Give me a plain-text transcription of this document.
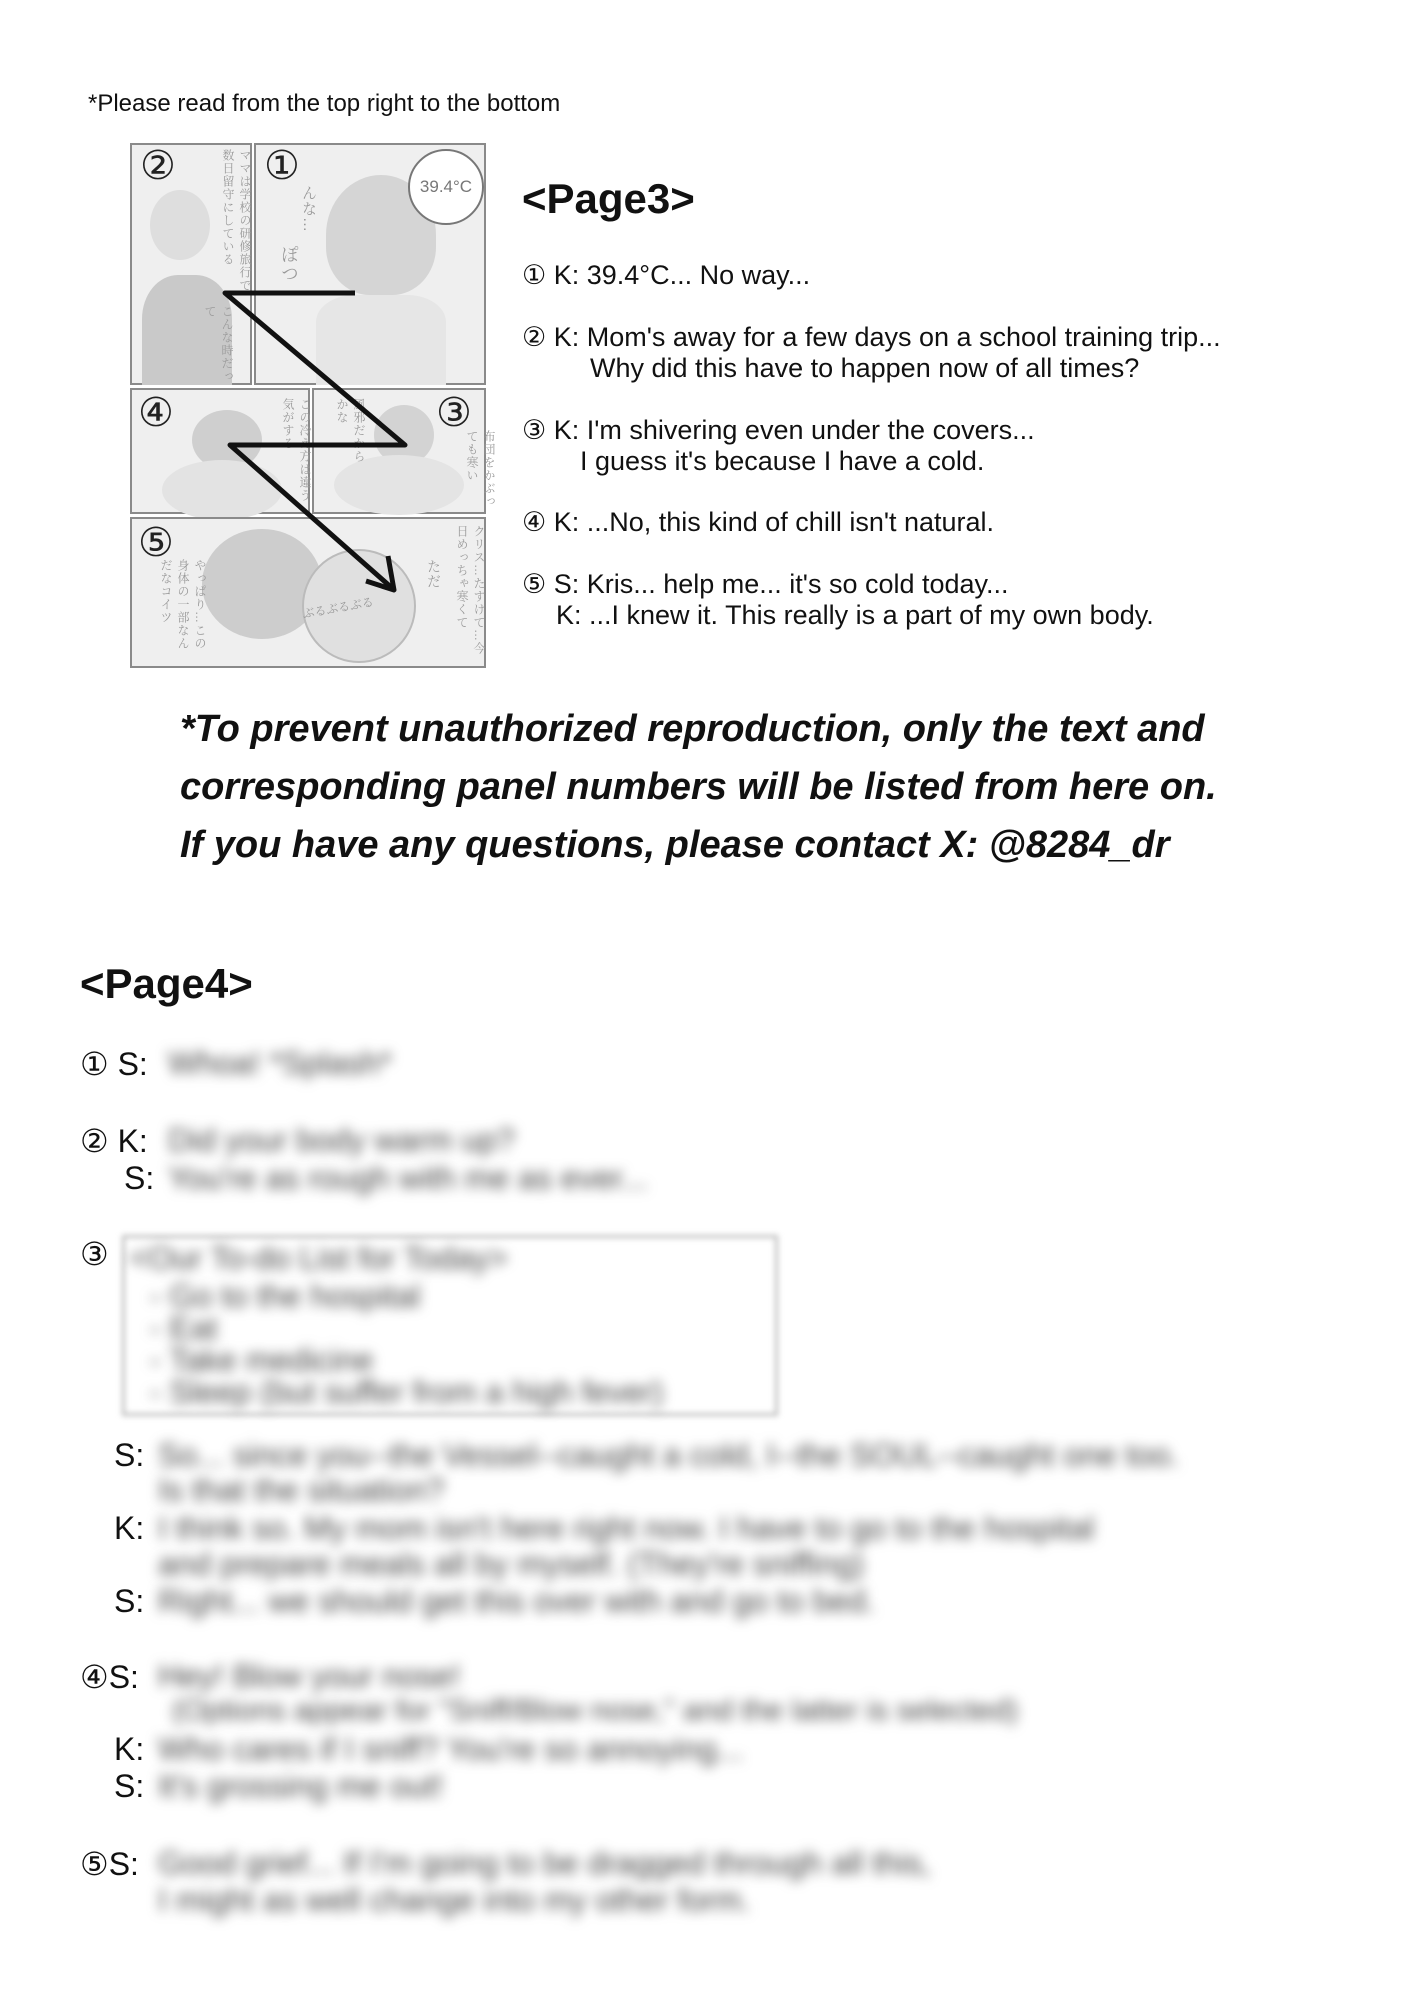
*Please read from the top right to the bottom
ママは学校の研修旅行で数日留守にしている
こんな時だって
②
んな…
ぽつ
39.4°C
①
この冷え方は違う気がする
④
布団をかぶっても寒い
風邪だからかな	③
クリス…たすけて…今日めっちゃ寒くて
やっぱり…この身体の一部なんだなコイツ	ぶるぶるぶる
ただ
⑤
<Page3>
① K: 39.4°C... No way...
② K: Mom's away for a few days on a school training trip...
Why did this have to happen now of all times?
③ K: I'm shivering even under the covers...
I guess it's because I have a cold.
④ K: ...No, this kind of chill isn't natural.
⑤ S: Kris... help me... it's so cold today...
K: ...I knew it. This really is a part of my own body.
*To prevent unauthorized reproduction, only the text and
corresponding panel numbers will be listed from here on.
If you have any questions, please contact X: @8284_dr
<Page4>
① S: Whoa! *Splash*
② K: Did your body warm up?
S: You're as rough with me as ever...
③ <Our To-do List for Today>
- Go to the hospital
- Eat
- Take medicine
- Sleep (but suffer from a high fever)
S: So... since you--the Vessel--caught a cold, I--the SOUL--caught one too.
Is that the situation?
K: I think so. My mom isn't here right now. I have to go to the hospital
and prepare meals all by myself. (They're sniffing)
S: Right... we should get this over with and go to bed.
④S: Hey! Blow your nose!
(Options appear for "Sniff/Blow nose," and the latter is selected)
K: Who cares if I sniff? You're so annoying...
S: It's grossing me out!
⑤S: Good grief... If I'm going to be dragged through all this,
I might as well change into my other form.
